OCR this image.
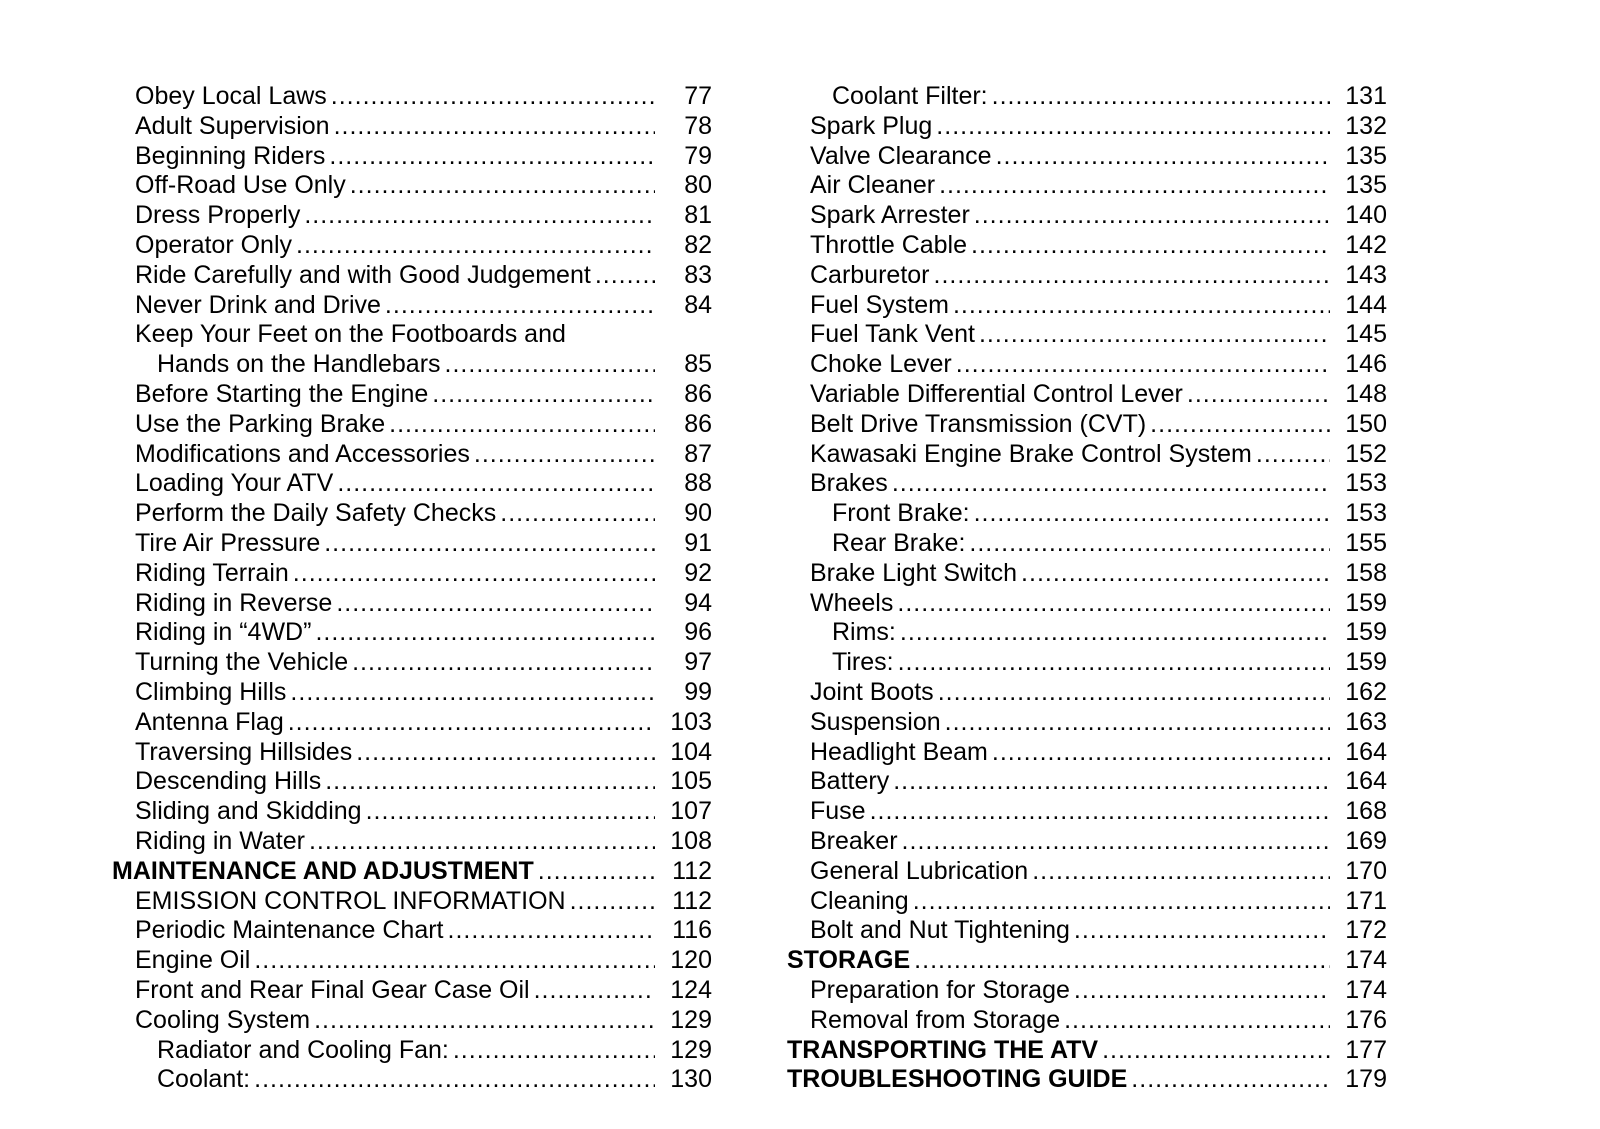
Obey Local Laws .....	77
Adult Supervision .....	78
Beginning Riders .....	79
Off-Road Use Only .....	80
Dress Properly .....	81
Operator Only .....	82
Ride Carefully and with Good Judgement .....	83
Never Drink and Drive .....	84
Keep Your Feet on the Footboards and
Hands on the Handlebars .....	85
Before Starting the Engine .....	86
Use the Parking Brake .....	86
Modifications and Accessories .....	87
Loading Your ATV .....	88
Perform the Daily Safety Checks .....	90
Tire Air Pressure .....	91
Riding Terrain .....	92
Riding in Reverse .....	94
Riding in “4WD” .....	96
Turning the Vehicle .....	97
Climbing Hills .....	99
Antenna Flag .....	103
Traversing Hillsides .....	104
Descending Hills .....	105
Sliding and Skidding .....	107
Riding in Water .....	108
MAINTENANCE AND ADJUSTMENT .....	112
EMISSION CONTROL INFORMATION .....	112
Periodic Maintenance Chart .....	116
Engine Oil .....	120
Front and Rear Final Gear Case Oil .....	124
Cooling System .....	129
Radiator and Cooling Fan: .....	129
Coolant: .....	130
Coolant Filter: .....	131
Spark Plug .....	132
Valve Clearance .....	135
Air Cleaner .....	135
Spark Arrester .....	140
Throttle Cable .....	142
Carburetor .....	143
Fuel System .....	144
Fuel Tank Vent .....	145
Choke Lever .....	146
Variable Differential Control Lever .....	148
Belt Drive Transmission (CVT) .....	150
Kawasaki Engine Brake Control System .....	152
Brakes .....	153
Front Brake: .....	153
Rear Brake: .....	155
Brake Light Switch .....	158
Wheels .....	159
Rims: .....	159
Tires: .....	159
Joint Boots .....	162
Suspension .....	163
Headlight Beam .....	164
Battery .....	164
Fuse .....	168
Breaker .....	169
General Lubrication .....	170
Cleaning .....	171
Bolt and Nut Tightening .....	172
STORAGE .....	174
Preparation for Storage .....	174
Removal from Storage .....	176
TRANSPORTING THE ATV .....	177
TROUBLESHOOTING GUIDE .....	179
